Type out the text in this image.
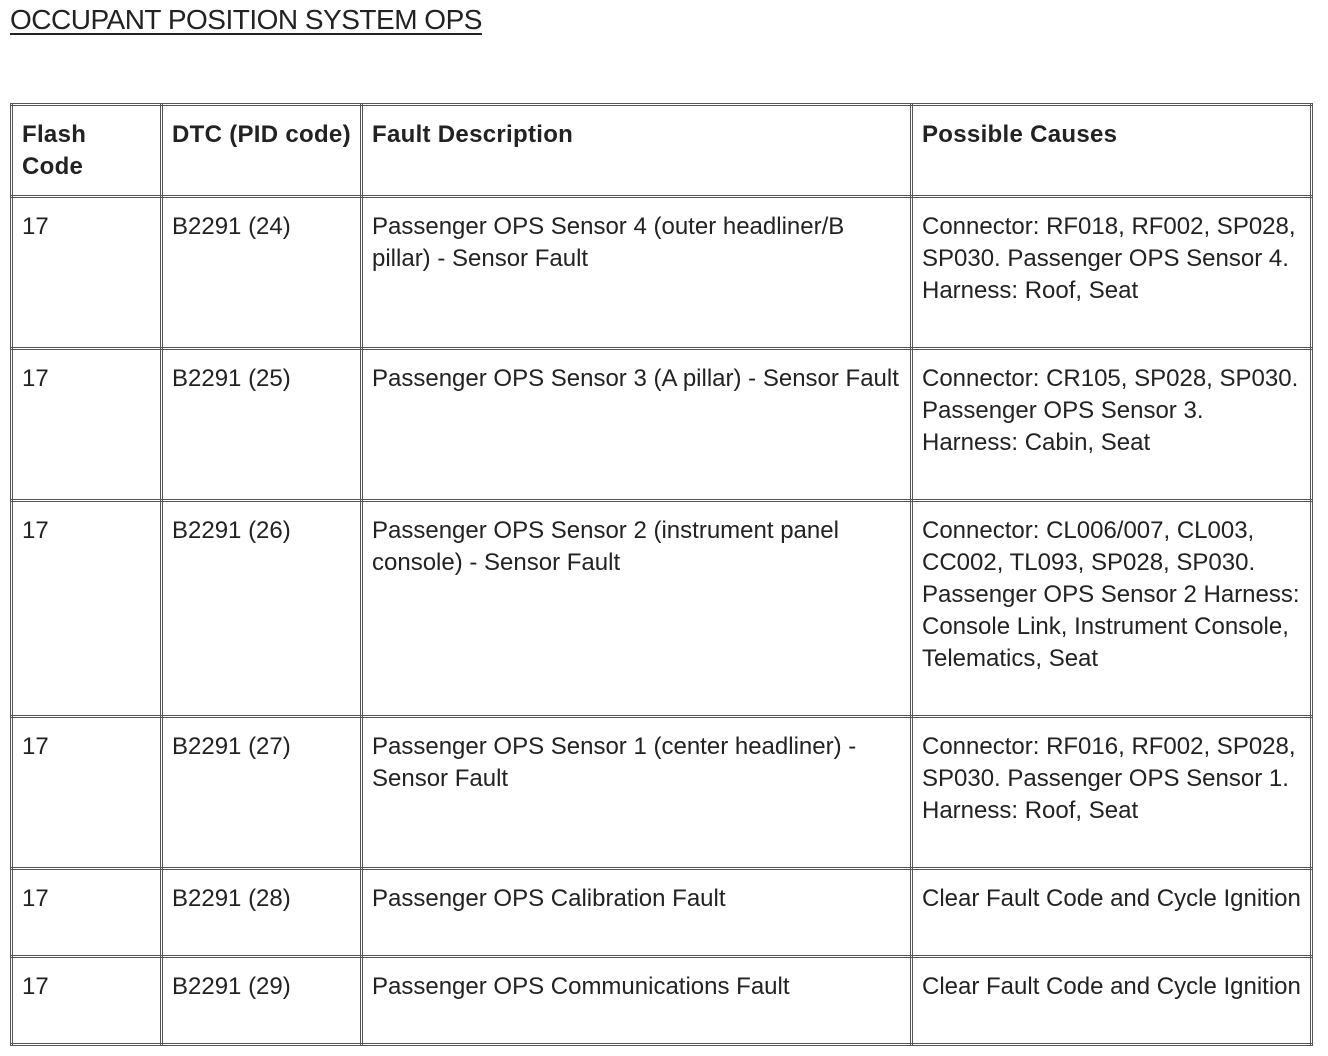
OCCUPANT POSITION SYSTEM OPS
Flash Code	DTC (PID code)	Fault Description	Possible Causes
17	B2291 (24)	Passenger OPS Sensor 4 (outer headliner/B pillar) - Sensor Fault	Connector: RF018, RF002, SP028, SP030. Passenger OPS Sensor 4. Harness: Roof, Seat
17	B2291 (25)	Passenger OPS Sensor 3 (A pillar) - Sensor Fault	Connector: CR105, SP028, SP030. Passenger OPS Sensor 3. Harness: Cabin, Seat
17	B2291 (26)	Passenger OPS Sensor 2 (instrument panel console) - Sensor Fault	Connector: CL006/007, CL003, CC002, TL093, SP028, SP030. Passenger OPS Sensor 2 Harness: Console Link, Instrument Console, Telematics, Seat
17	B2291 (27)	Passenger OPS Sensor 1 (center headliner) - Sensor Fault	Connector: RF016, RF002, SP028, SP030. Passenger OPS Sensor 1. Harness: Roof, Seat
17	B2291 (28)	Passenger OPS Calibration Fault	Clear Fault Code and Cycle Ignition
17	B2291 (29)	Passenger OPS Communications Fault	Clear Fault Code and Cycle Ignition
